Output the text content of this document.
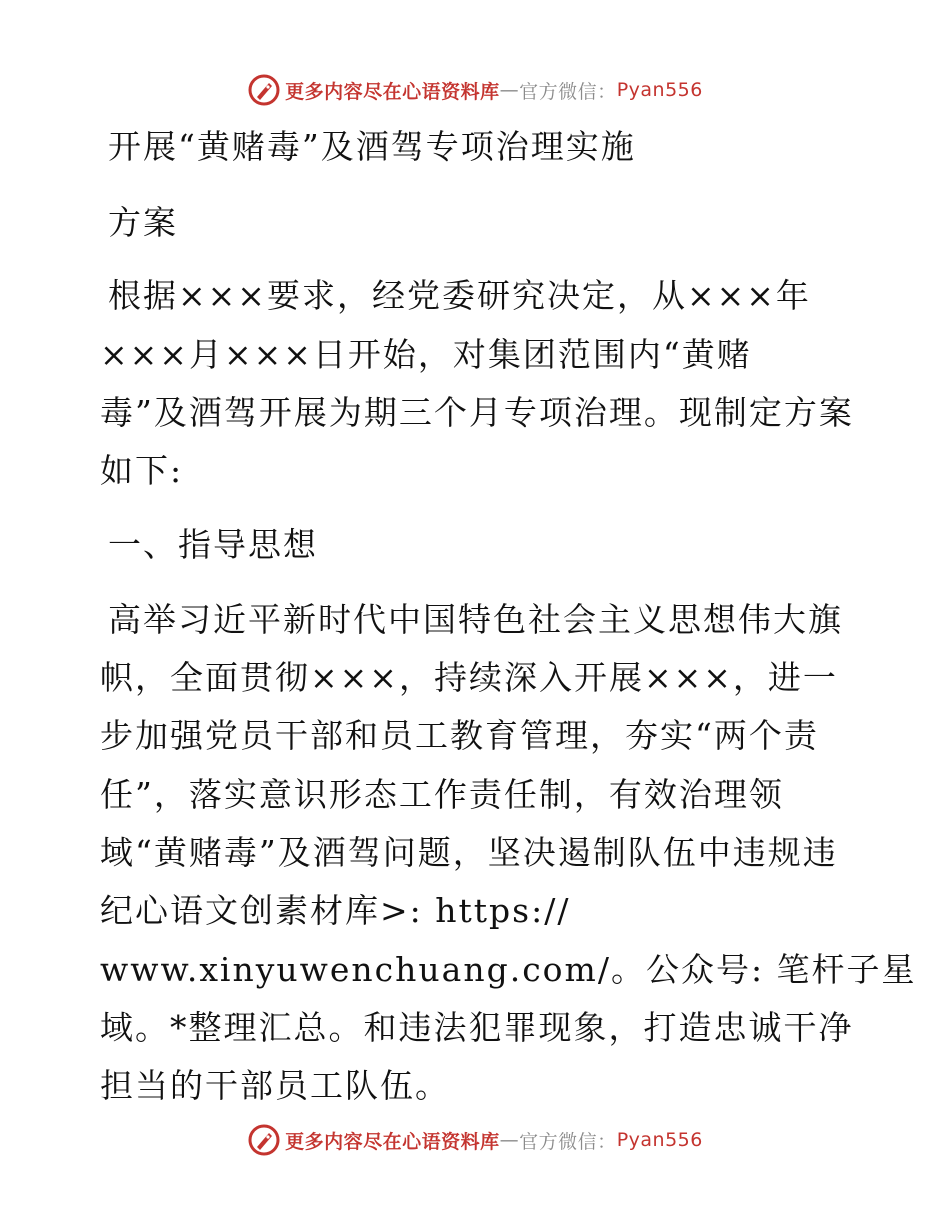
更多内容尽在心语资料库 — 官方微信： Pyan556
开展“黄赌毒”及酒驾专项治理实施
方案
根据×××要求，经党委研究决定，从×××年
×××月×××日开始，对集团范围内“黄赌
毒”及酒驾开展为期三个月专项治理。现制定方案
如下:
一、指导思想
高举习近平新时代中国特色社会主义思想伟大旗
帜，全面贯彻×××，持续深入开展×××，进一
步加强党员干部和员工教育管理，夯实“两个责
任”，落实意识形态工作责任制，有效治理领
域“黄赌毒”及酒驾问题，坚决遏制队伍中违规违
纪心语文创素材库>: https://
www.xinyuwenchuang.com/。公众号: 笔杆子星
域。*整理汇总。和违法犯罪现象，打造忠诚干净
担当的干部员工队伍。
更多内容尽在心语资料库 — 官方微信： Pyan556
